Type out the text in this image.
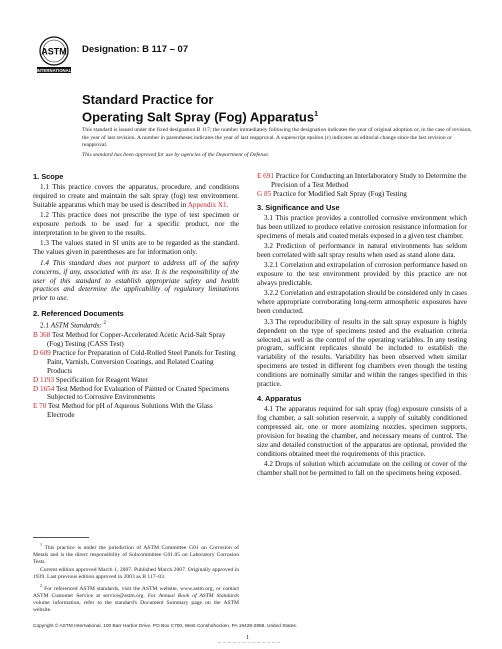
ASTM
INTERNATIONAL
Designation: B 117 – 07
Standard Practice for
Operating Salt Spray (Fog) Apparatus$^1$
This standard is issued under the fixed designation B 117; the number immediately following the designation indicates the year of original adoption or, in the case of revision, the year of last revision. A number in parentheses indicates the year of last reapproval. A superscript epsilon (ε) indicates an editorial change since the last revision or reapproval.
This standard has been approved for use by agencies of the Department of Defense.
1. Scope

1.1 This practice covers the apparatus, procedure, and conditions required to create and maintain the salt spray (fog) test environment. Suitable apparatus which may be used is described in Appendix X1.

1.2 This practice does not prescribe the type of test specimen or exposure periods to be used for a specific product, nor the interpretation to be given to the results.

1.3 The values stated in SI units are to be regarded as the standard. The values given in parentheses are for information only.

1.4 This standard does not purport to address all of the safety concerns, if any, associated with its use. It is the responsibility of the user of this standard to establish appropriate safety and health practices and determine the applicability of regulatory limitations prior to use.

2. Referenced Documents

2.1 ASTM Standards: $^2$

B 368 Test Method for Copper-Accelerated Acetic Acid-Salt Spray (Fog) Testing (CASS Test)

D 609 Practice for Preparation of Cold-Rolled Steel Panels for Testing Paint, Varnish, Conversion Coatings, and Related Coating Products

D 1193 Specification for Reagent Water

D 1654 Test Method for Evaluation of Painted or Coated Specimens Subjected to Corrosive Environments

E 70 Test Method for pH of Aqueous Solutions With the Glass Electrode

E 691 Practice for Conducting an Interlaboratory Study to Determine the Precision of a Test Method

G 85 Practice for Modified Salt Spray (Fog) Testing

3. Significance and Use

3.1 This practice provides a controlled corrosive environment which has been utilized to produce relative corrosion resistance information for specimens of metals and coated metals exposed in a given test chamber.

3.2 Prediction of performance in natural environments has seldom been correlated with salt spray results when used as stand alone data.

3.2.1 Correlation and extrapolation of corrosion performance based on exposure to the test environment provided by this practice are not always predictable.

3.2.2 Correlation and extrapolation should be considered only in cases where appropriate corroborating long-term atmospheric exposures have been conducted.

3.3 The reproducibility of results in the salt spray exposure is highly dependent on the type of specimens tested and the evaluation criteria selected, as well as the control of the operating variables. In any testing program, sufficient replicates should be included to establish the variability of the results. Variability has been observed when similar specimens are tested in different fog chambers even though the testing conditions are nominally similar and within the ranges specified in this practice.

4. Apparatus

4.1 The apparatus required for salt spray (fog) exposure consists of a fog chamber, a salt solution reservoir, a supply of suitably conditioned compressed air, one or more atomizing nozzles, specimen supports, provision for heating the chamber, and necessary means of control. The size and detailed construction of the apparatus are optional, provided the conditions obtained meet the requirements of this practice.

4.2 Drops of solution which accumulate on the ceiling or cover of the chamber shall not be permitted to fall on the specimens being exposed.

$^1$ This practice is under the jurisdiction of ASTM Committee G01 on Corrosion of Metals and is the direct responsibility of Subcommittee G01.05 on Laboratory Corrosion Tests.

Current edition approved March 1, 2007. Published March 2007. Originally approved in 1939. Last previous edition approved in 2003 as B 117–03.

$^2$ For referenced ASTM standards, visit the ASTM website, www.astm.org, or contact ASTM Customer Service at service@astm.org. For Annual Book of ASTM Standards volume information, refer to the standard's Document Summary page on the ASTM website.

Copyright © ASTM International, 100 Barr Harbor Drive, PO Box C700, West Conshohocken, PA 19428-2959, United States.
1
